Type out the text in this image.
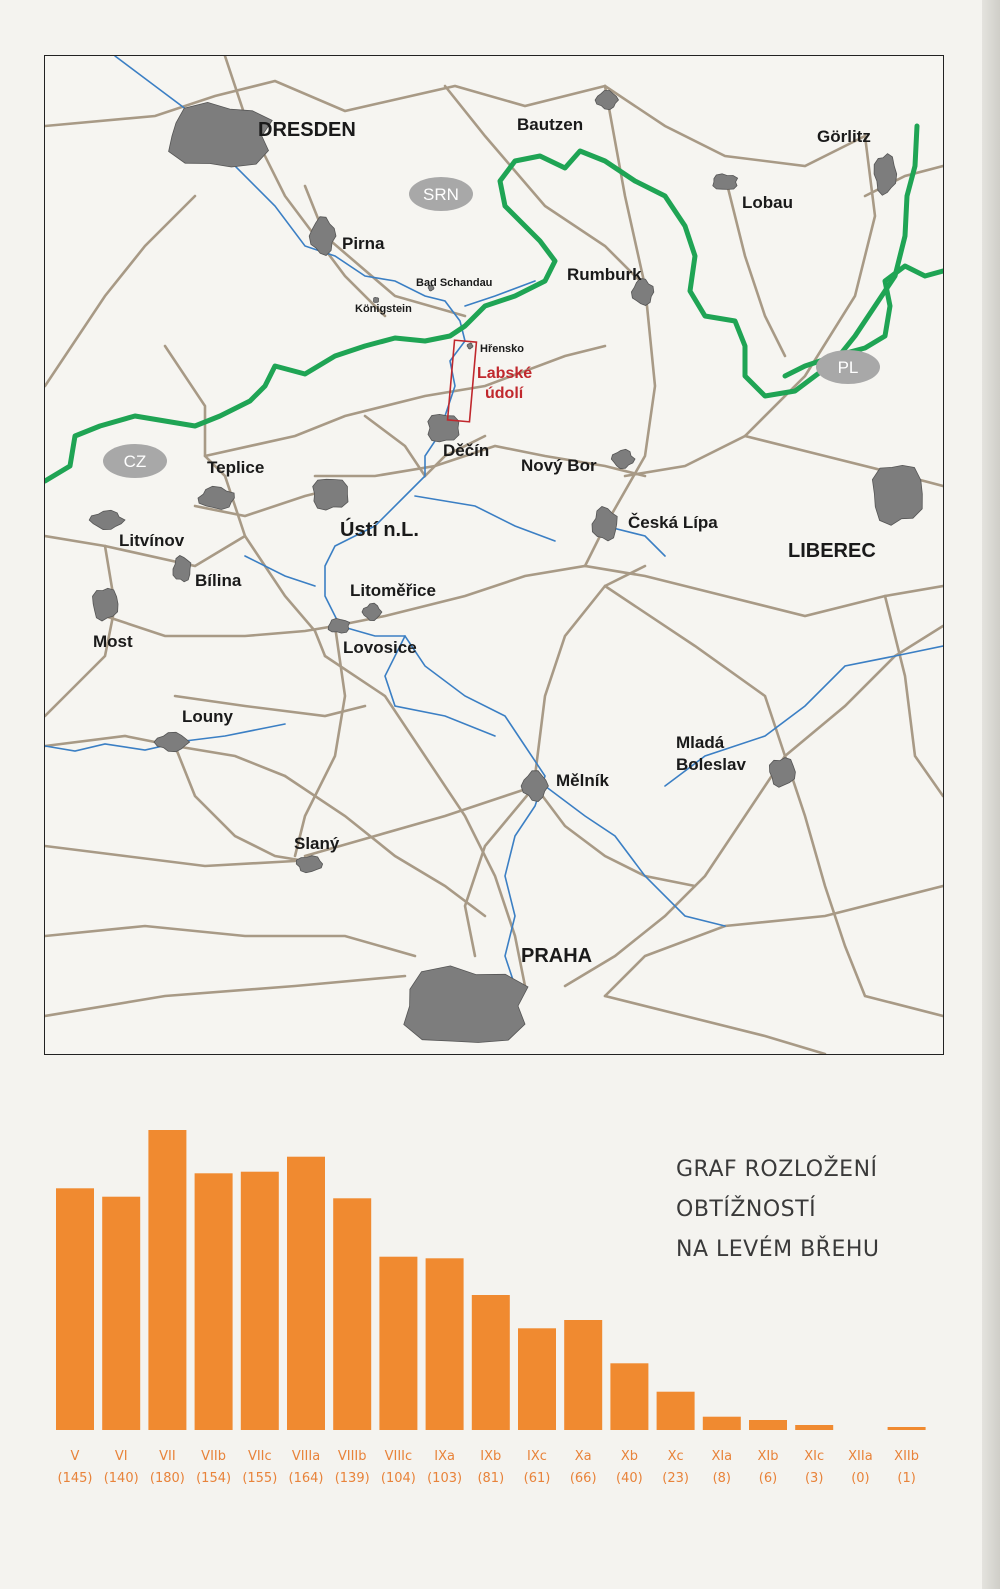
SRN
CZ
PL
DRESDEN	Bautzen
Görlitz
Lobau
Pirna
Bad Schandau
Königstein
Rumburk
Hřensko
Děčín
Teplice	Nový Bor
Ústí n.L.	Česká Lípa
Litvínov	LIBEREC
Bílina
Litoměřice
Most	Lovosice
Louny
Mladá
Boleslav
Mělník
Slaný
PRAHA
Labské
údolí
V
(145)
VI
(140)
VII
(180)
VIIb
(154)
VIIc
(155)
VIIIa
(164)
VIIIb
(139)
VIIIc
(104)
IXa
(103)
IXb
(81)
IXc
(61)
Xa
(66)
Xb
(40)
Xc
(23)
XIa
(8)
XIb
(6)
XIc
(3)
XIIa
(0)
XIIb
(1)
GRAF ROZLOŽENÍ
OBTÍŽNOSTÍ
NA LEVÉM BŘEHU
